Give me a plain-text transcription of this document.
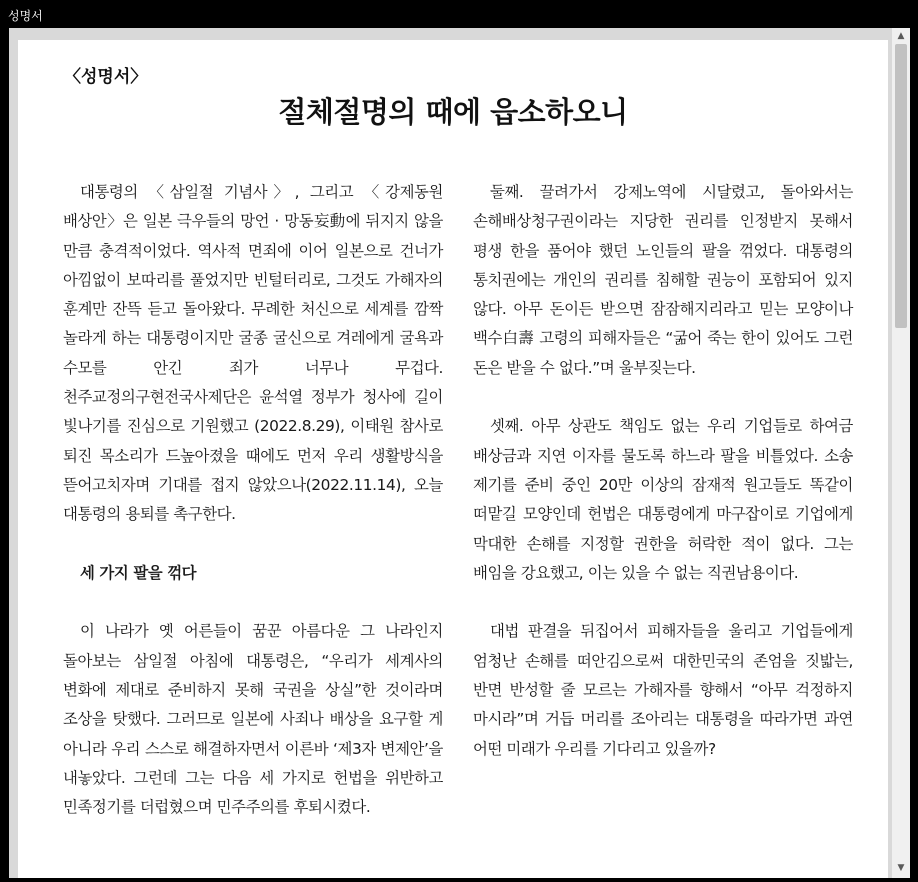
성명서
〈성명서〉
절체절명의 때에 읍소하오니

대통령의 〈삼일절 기념사〉, 그리고 〈강제동원 배상안〉은 일본 극우들의 망언 · 망동妄動에 뒤지지 않을 만큼 충격적이었다. 역사적 면죄에 이어 일본으로 건너가 아낌없이 보따리를 풀었지만 빈털터리로, 그것도 가해자의 훈계만 잔뜩 듣고 돌아왔다. 무례한 처신으로 세계를 깜짝 놀라게 하는 대통령이지만 굴종 굴신으로 겨레에게 굴욕과 수모를 안긴 죄가 너무나 무겁다. 천주교정의구현전국사제단은 윤석열 정부가 청사에 길이 빛나기를 진심으로 기원했고 (2022.8.29), 이태원 참사로 퇴진 목소리가 드높아졌을 때에도 먼저 우리 생활방식을 뜯어고치자며 기대를 접지 않았으나(2022.11.14), 오늘 대통령의 용퇴를 촉구한다.

세 가지 팔을 꺾다

이 나라가 옛 어른들이 꿈꾼 아름다운 그 나라인지 돌아보는 삼일절 아침에 대통령은, “우리가 세계사의 변화에 제대로 준비하지 못해 국권을 상실”한 것이라며 조상을 탓했다. 그러므로 일본에 사죄나 배상을 요구할 게 아니라 우리 스스로 해결하자면서 이른바 ‘제3자 변제안’을 내놓았다. 그런데 그는 다음 세 가지로 헌법을 위반하고 민족정기를 더럽혔으며 민주주의를 후퇴시켰다.

둘째. 끌려가서 강제노역에 시달렸고, 돌아와서는 손해배상청구권이라는 지당한 권리를 인정받지 못해서 평생 한을 품어야 했던 노인들의 팔을 꺾었다. 대통령의 통치권에는 개인의 권리를 침해할 권능이 포함되어 있지 않다. 아무 돈이든 받으면 잠잠해지리라고 믿는 모양이나 백수白壽 고령의 피해자들은 “굶어 죽는 한이 있어도 그런 돈은 받을 수 없다.”며 울부짖는다.

셋째. 아무 상관도 책임도 없는 우리 기업들로 하여금 배상금과 지연 이자를 물도록 하느라 팔을 비틀었다. 소송 제기를 준비 중인 20만 이상의 잠재적 원고들도 똑같이 떠맡길 모양인데 헌법은 대통령에게 마구잡이로 기업에게 막대한 손해를 지정할 권한을 허락한 적이 없다. 그는 배임을 강요했고, 이는 있을 수 없는 직권남용이다.

대법 판결을 뒤집어서 피해자들을 울리고 기업들에게 엄청난 손해를 떠안김으로써 대한민국의 존엄을 짓밟는, 반면 반성할 줄 모르는 가해자를 향해서 “아무 걱정하지 마시라”며 거듭 머리를 조아리는 대통령을 따라가면 과연 어떤 미래가 우리를 기다리고 있을까?

▲
▼
